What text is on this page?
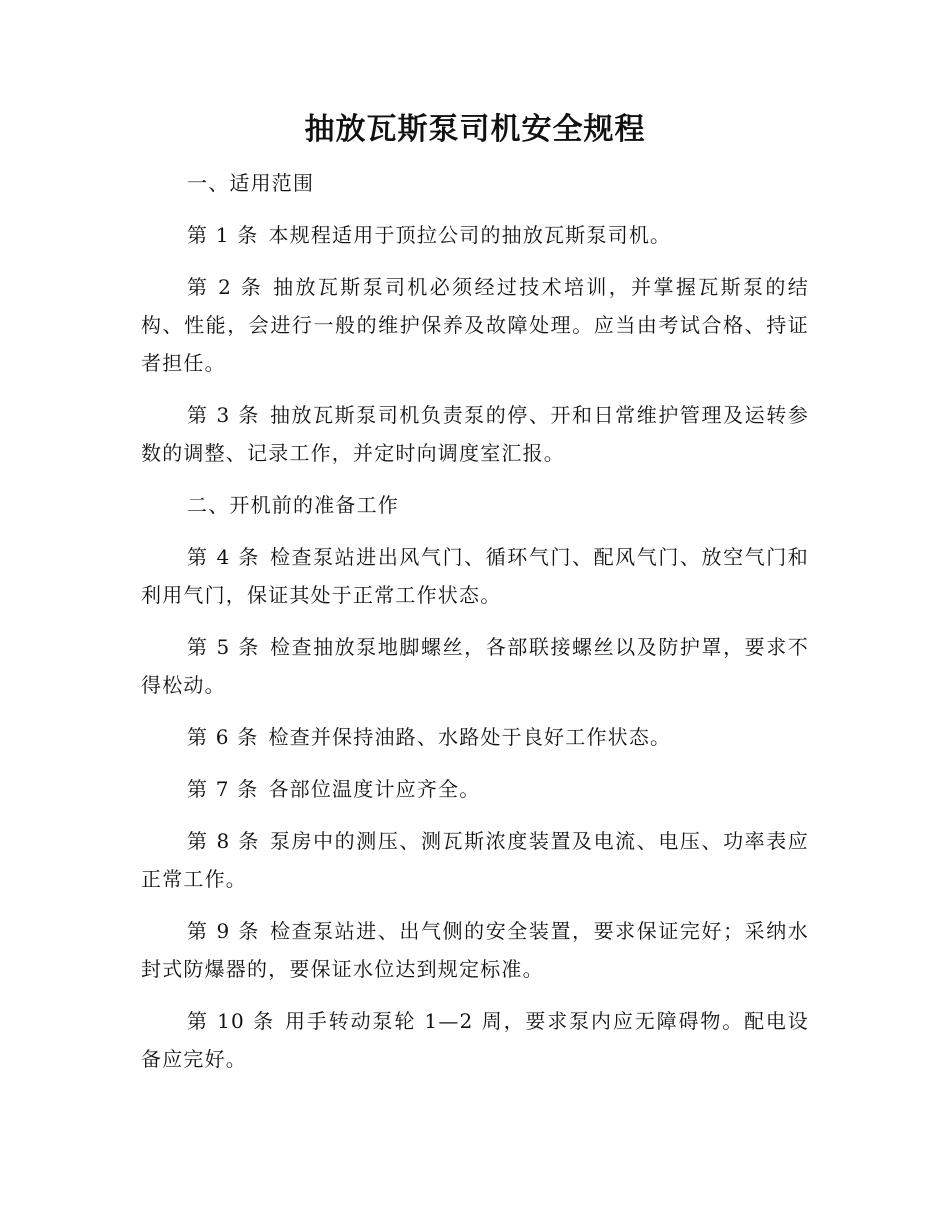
抽放瓦斯泵司机安全规程

一、适用范围

第 1 条 本规程适用于顶拉公司的抽放瓦斯泵司机。

第 2 条 抽放瓦斯泵司机必须经过技术培训，并掌握瓦斯泵的结构、性能，会进行一般的维护保养及故障处理。应当由考试合格、持证者担任。

第 3 条 抽放瓦斯泵司机负责泵的停、开和日常维护管理及运转参数的调整、记录工作，并定时向调度室汇报。

二、开机前的准备工作

第 4 条 检查泵站进出风气门、循环气门、配风气门、放空气门和利用气门，保证其处于正常工作状态。

第 5 条 检查抽放泵地脚螺丝，各部联接螺丝以及防护罩，要求不得松动。

第 6 条 检查并保持油路、水路处于良好工作状态。

第 7 条 各部位温度计应齐全。

第 8 条 泵房中的测压、测瓦斯浓度装置及电流、电压、功率表应正常工作。

第 9 条 检查泵站进、出气侧的安全装置，要求保证完好；采纳水封式防爆器的，要保证水位达到规定标准。

第 10 条 用手转动泵轮 1—2 周，要求泵内应无障碍物。配电设备应完好。
